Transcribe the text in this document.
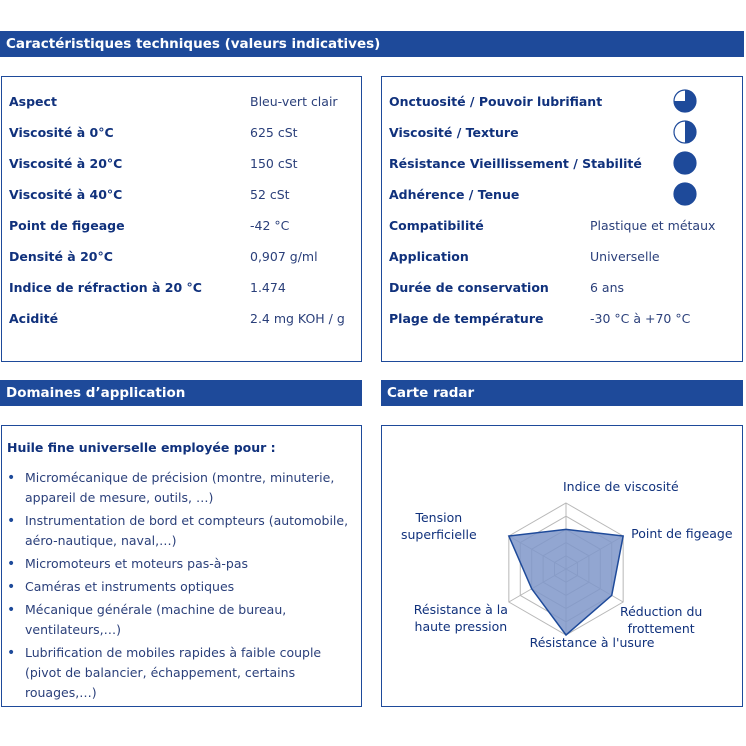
Caractéristiques techniques (valeurs indicatives)
Aspect	Bleu-vert clair
Viscosité à 0°C	625 cSt
Viscosité à 20°C	150 cSt
Viscosité à 40°C	52 cSt
Point de figeage	-42 °C
Densité à 20°C	0,907 g/ml
Indice de réfraction à 20 °C	1.474
Acidité	2.4 mg KOH / g
Onctuosité / Pouvoir lubrifiant
Viscosité / Texture
Résistance Vieillissement / Stabilité
Adhérence / Tenue
Compatibilité	Plastique et métaux
Application	Universelle
Durée de conservation	6 ans
Plage de température	-30 °C à +70 °C
Domaines d’application	Carte radar
Huile fine universelle employée pour :
• Micromécanique de précision (montre, minuterie, appareil de mesure, outils, …)
• Instrumentation de bord et compteurs (automobile, aéro-nautique, naval,…)
• Micromoteurs et moteurs pas-à-pas
• Caméras et instruments optiques
• Mécanique générale (machine de bureau, ventilateurs,…)
• Lubrification de mobiles rapides à faible couple (pivot de balancier, échappement, certains rouages,…)
Indice de viscosité
Point de figeage
Réduction du frottement
Résistance à l'usure
Résistance à la haute pression
Tension superficielle
